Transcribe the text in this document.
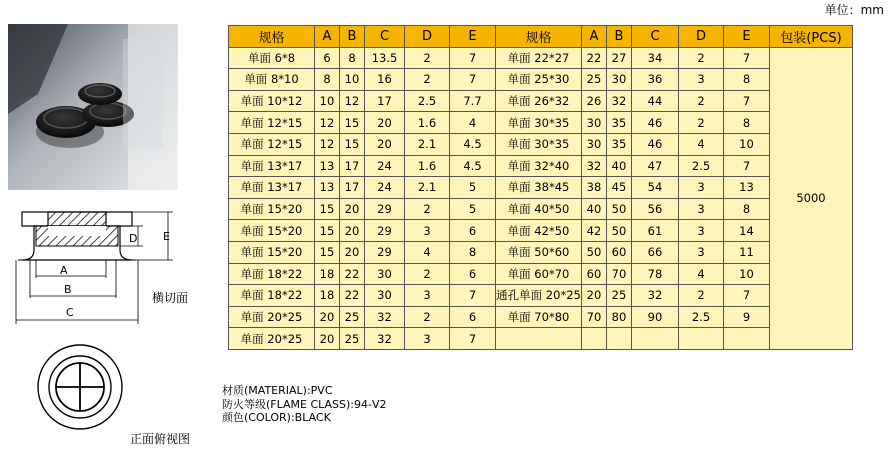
单位：mm
D E
A
B
C
横切面
正面俯视图
规格	A	B	C	D	E	规格	A	B	C	D	E	包装(PCS)
单面 6*8	6	8	13.5	2	7	单面 22*27	22	27	34	2	7	5000
单面 8*10	8	10	16	2	7	单面 25*30	25	30	36	3	8	
单面 10*12	10	12	17	2.5	7.7	单面 26*32	26	32	44	2	7	
单面 12*15	12	15	20	1.6	4	单面 30*35	30	35	46	2	8	
单面 12*15	12	15	20	2.1	4.5	单面 30*35	30	35	46	4	10	
单面 13*17	13	17	24	1.6	4.5	单面 32*40	32	40	47	2.5	7	
单面 13*17	13	17	24	2.1	5	单面 38*45	38	45	54	3	13	
单面 15*20	15	20	29	2	5	单面 40*50	40	50	56	3	8	
单面 15*20	15	20	29	3	6	单面 42*50	42	50	61	3	14	
单面 15*20	15	20	29	4	8	单面 50*60	50	60	66	3	11	
单面 18*22	18	22	30	2	6	单面 60*70	60	70	78	4	10	
单面 18*22	18	22	30	3	7	通孔单面 20*25	20	25	32	2	7	
单面 20*25	20	25	32	2	6	单面 70*80	70	80	90	2.5	9	
单面 20*25	20	25	32	3	7							
材质(MATERIAL):PVC
防火等级(FLAME CLASS):94-V2
颜色(COLOR):BLACK
